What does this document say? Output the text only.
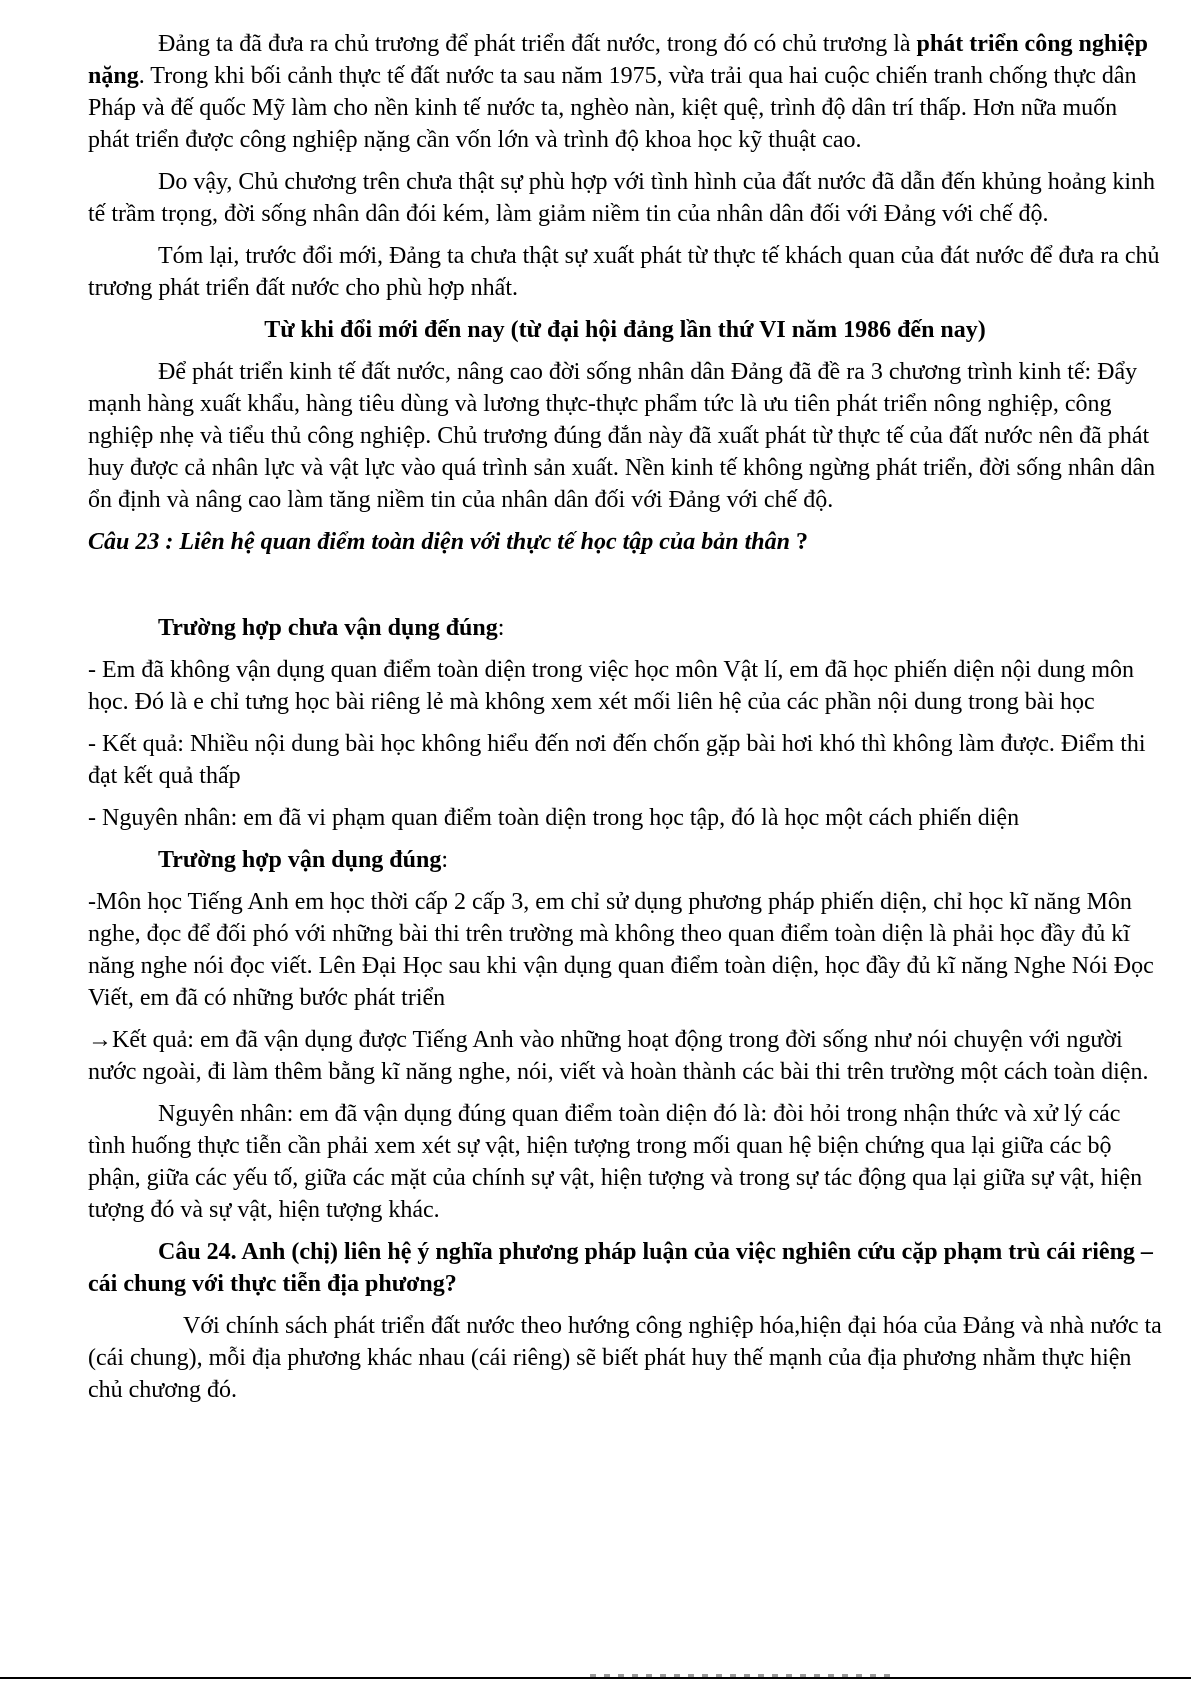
Đảng ta đã đưa ra chủ trương để phát triển đất nước, trong đó có chủ trương là phát triển công nghiệp nặng. Trong khi bối cảnh thực tế đất nước ta sau năm 1975, vừa trải qua hai cuộc chiến tranh chống thực dân Pháp và đế quốc Mỹ làm cho nền kinh tế nước ta, nghèo nàn, kiệt quệ, trình độ dân trí thấp. Hơn nữa muốn phát triển được công nghiệp nặng cần vốn lớn và trình độ khoa học kỹ thuật cao.

Do vậy, Chủ chương trên chưa thật sự phù hợp với tình hình của đất nước đã dẫn đến khủng hoảng kinh tế trầm trọng, đời sống nhân dân đói kém, làm giảm niềm tin của nhân dân đối với Đảng với chế độ.

Tóm lại, trước đổi mới, Đảng ta chưa thật sự xuất phát từ thực tế khách quan của đát nước để đưa ra chủ trương phát triển đất nước cho phù hợp nhất.

Từ khi đổi mới đến nay (từ đại hội đảng lần thứ VI năm 1986 đến nay)

Để phát triển kinh tế đất nước, nâng cao đời sống nhân dân Đảng đã đề ra 3 chương trình kinh tế: Đẩy mạnh hàng xuất khẩu, hàng tiêu dùng và lương thực-thực phẩm tức là ưu tiên phát triển nông nghiệp, công nghiệp nhẹ và tiểu thủ công nghiệp. Chủ trương đúng đắn này đã xuất phát từ thực tế của đất nước nên đã phát huy được cả nhân lực và vật lực vào quá trình sản xuất. Nền kinh tế không ngừng phát triển, đời sống nhân dân ổn định và nâng cao làm tăng niềm tin của nhân dân đối với Đảng với chế độ.

Câu 23 : Liên hệ quan điểm toàn diện với thực tế học tập của bản thân ?

Trường hợp chưa vận dụng đúng:

- Em đã không vận dụng quan điểm toàn diện trong việc học môn Vật lí, em đã học phiến diện nội dung môn học. Đó là e chỉ tưng học bài riêng lẻ mà không xem xét mối liên hệ của các phần nội dung trong bài học

- Kết quả: Nhiều nội dung bài học không hiểu đến nơi đến chốn gặp bài hơi khó thì không làm được. Điểm thi đạt kết quả thấp

- Nguyên nhân: em đã vi phạm quan điểm toàn diện trong học tập, đó là học một cách phiến diện

Trường hợp vận dụng đúng:

-Môn học Tiếng Anh em học thời cấp 2 cấp 3, em chỉ sử dụng phương pháp phiến diện, chỉ học kĩ năng Môn nghe, đọc để đối phó với những bài thi trên trường mà không theo quan điểm toàn diện là phải học đầy đủ kĩ năng nghe nói đọc viết. Lên Đại Học sau khi vận dụng quan điểm toàn diện, học đầy đủ kĩ năng Nghe Nói Đọc Viết, em đã có những bước phát triển

→Kết quả: em đã vận dụng được Tiếng Anh vào những hoạt động trong đời sống như nói chuyện với người nước ngoài, đi làm thêm bằng kĩ năng nghe, nói, viết và hoàn thành các bài thi trên trường một cách toàn diện.

Nguyên nhân: em đã vận dụng đúng quan điểm toàn diện đó là: đòi hỏi trong nhận thức và xử lý các tình huống thực tiễn cần phải xem xét sự vật, hiện tượng trong mối quan hệ biện chứng qua lại giữa các bộ phận, giữa các yếu tố, giữa các mặt của chính sự vật, hiện tượng và trong sự tác động qua lại giữa sự vật, hiện tượng đó và sự vật, hiện tượng khác.

Câu 24. Anh (chị) liên hệ ý nghĩa phương pháp luận của việc nghiên cứu cặp phạm trù cái riêng – cái chung với thực tiễn địa phương?

Với chính sách phát triển đất nước theo hướng công nghiệp hóa,hiện đại hóa của Đảng và nhà nước ta (cái chung), mỗi địa phương khác nhau (cái riêng) sẽ biết phát huy thế mạnh của địa phương nhằm thực hiện chủ chương đó.
